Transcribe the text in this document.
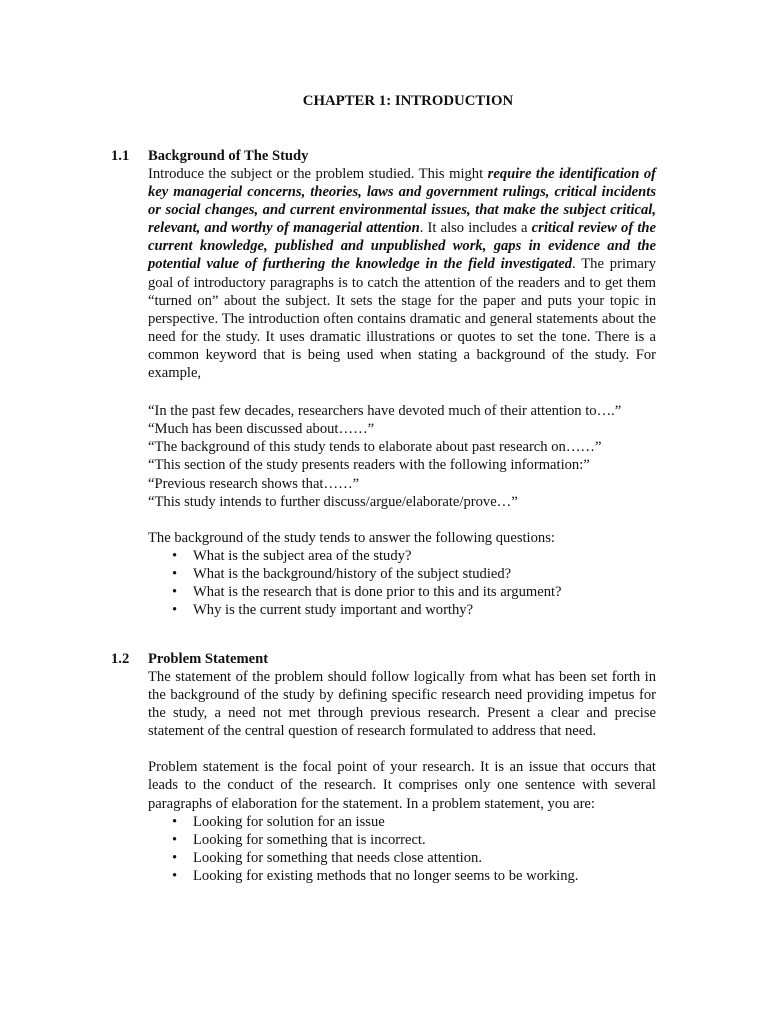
CHAPTER 1: INTRODUCTION
1.1 Background of The Study

Introduce the subject or the problem studied. This might require the identification of key managerial concerns, theories, laws and government rulings, critical incidents or social changes, and current environmental issues, that make the subject critical, relevant, and worthy of managerial attention. It also includes a critical review of the current knowledge, published and unpublished work, gaps in evidence and the potential value of furthering the knowledge in the field investigated. The primary goal of introductory paragraphs is to catch the attention of the readers and to get them “turned on” about the subject. It sets the stage for the paper and puts your topic in perspective. The introduction often contains dramatic and general statements about the need for the study. It uses dramatic illustrations or quotes to set the tone. There is a common keyword that is being used when stating a background of the study. For example,

“In the past few decades, researchers have devoted much of their attention to….”
“Much has been discussed about……”
“The background of this study tends to elaborate about past research on……”
“This section of the study presents readers with the following information:”
“Previous research shows that……”
“This study intends to further discuss/argue/elaborate/prove…”

The background of the study tends to answer the following questions:

• What is the subject area of the study?
• What is the background/history of the subject studied?
• What is the research that is done prior to this and its argument?
• Why is the current study important and worthy?
1.2 Problem Statement

The statement of the problem should follow logically from what has been set forth in the background of the study by defining specific research need providing impetus for the study, a need not met through previous research. Present a clear and precise statement of the central question of research formulated to address that need.

Problem statement is the focal point of your research. It is an issue that occurs that leads to the conduct of the research. It comprises only one sentence with several paragraphs of elaboration for the statement. In a problem statement, you are:

• Looking for solution for an issue
• Looking for something that is incorrect.
• Looking for something that needs close attention.
• Looking for existing methods that no longer seems to be working.
